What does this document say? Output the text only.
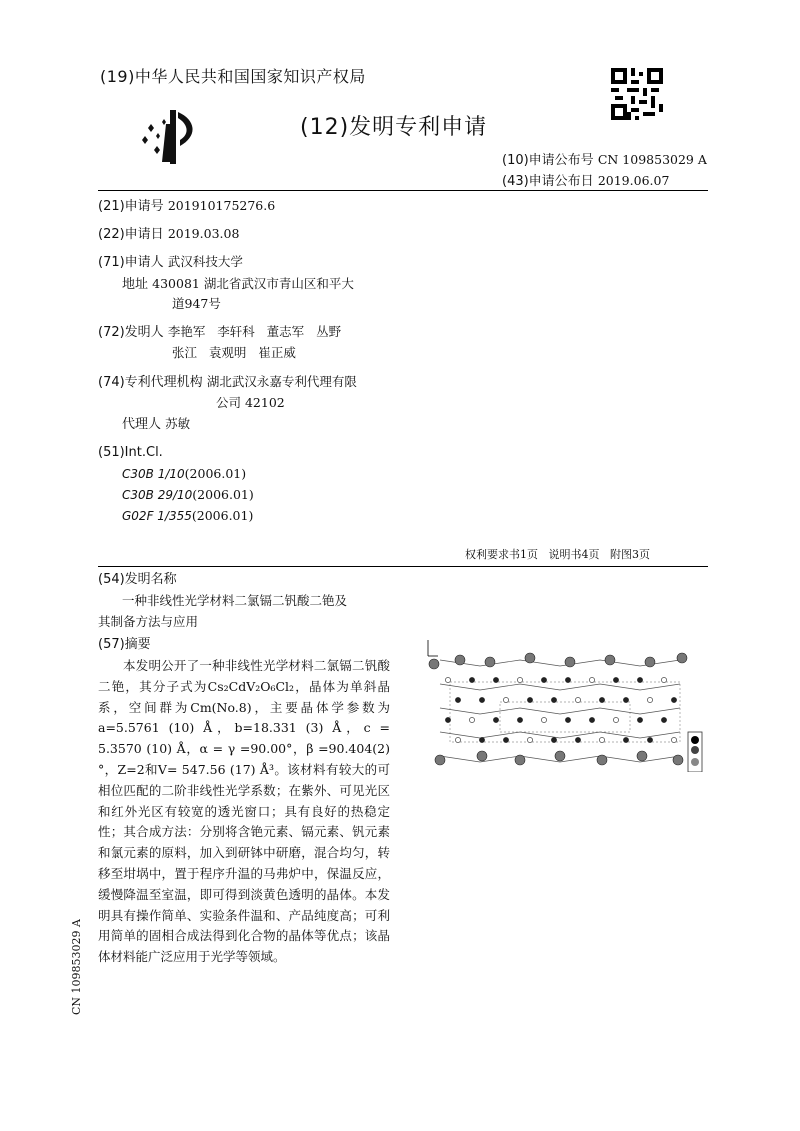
(19)中华人民共和国国家知识产权局
(12)发明专利申请
(10)申请公布号 CN 109853029 A
(43)申请公布日 2019.06.07
(21)申请号 201910175276.6
(22)申请日 2019.03.08
(71)申请人 武汉科技大学
地址 430081 湖北省武汉市青山区和平大
道947号
(72)发明人 李艳军   李轩科   董志军   丛野
张江   袁观明   崔正威
(74)专利代理机构 湖北武汉永嘉专利代理有限
公司 42102
代理人 苏敏
(51)Int.Cl.
C30B 1/10(2006.01)
C30B 29/10(2006.01)
G02F 1/355(2006.01)
权利要求书1页   说明书4页   附图3页
(54)发明名称
一种非线性光学材料二氯镉二钒酸二铯及
其制备方法与应用
(57)摘要
本发明公开了一种非线性光学材料二氯镉二钒酸二铯，其分子式为Cs₂CdV₂O₆Cl₂，晶体为单斜晶系，空间群为Cm(No.8)，主要晶体学参数为a=5.5761 (10) Å，b=18.331 (3) Å，c = 5.3570 (10) Å，α = γ =90.00°，β =90.404(2)°，Z=2和V= 547.56 (17) Å³。该材料有较大的可相位匹配的二阶非线性光学系数；在紫外、可见光区和红外光区有较宽的透光窗口；具有良好的热稳定性；其合成方法：分别将含铯元素、镉元素、钒元素和氯元素的原料，加入到研钵中研磨，混合均匀，转移至坩埚中，置于程序升温的马弗炉中，保温反应，缓慢降温至室温，即可得到淡黄色透明的晶体。本发明具有操作简单、实验条件温和、产品纯度高；可利用简单的固相合成法得到化合物的晶体等优点；该晶体材料能广泛应用于光学等领域。
CN 109853029 A
